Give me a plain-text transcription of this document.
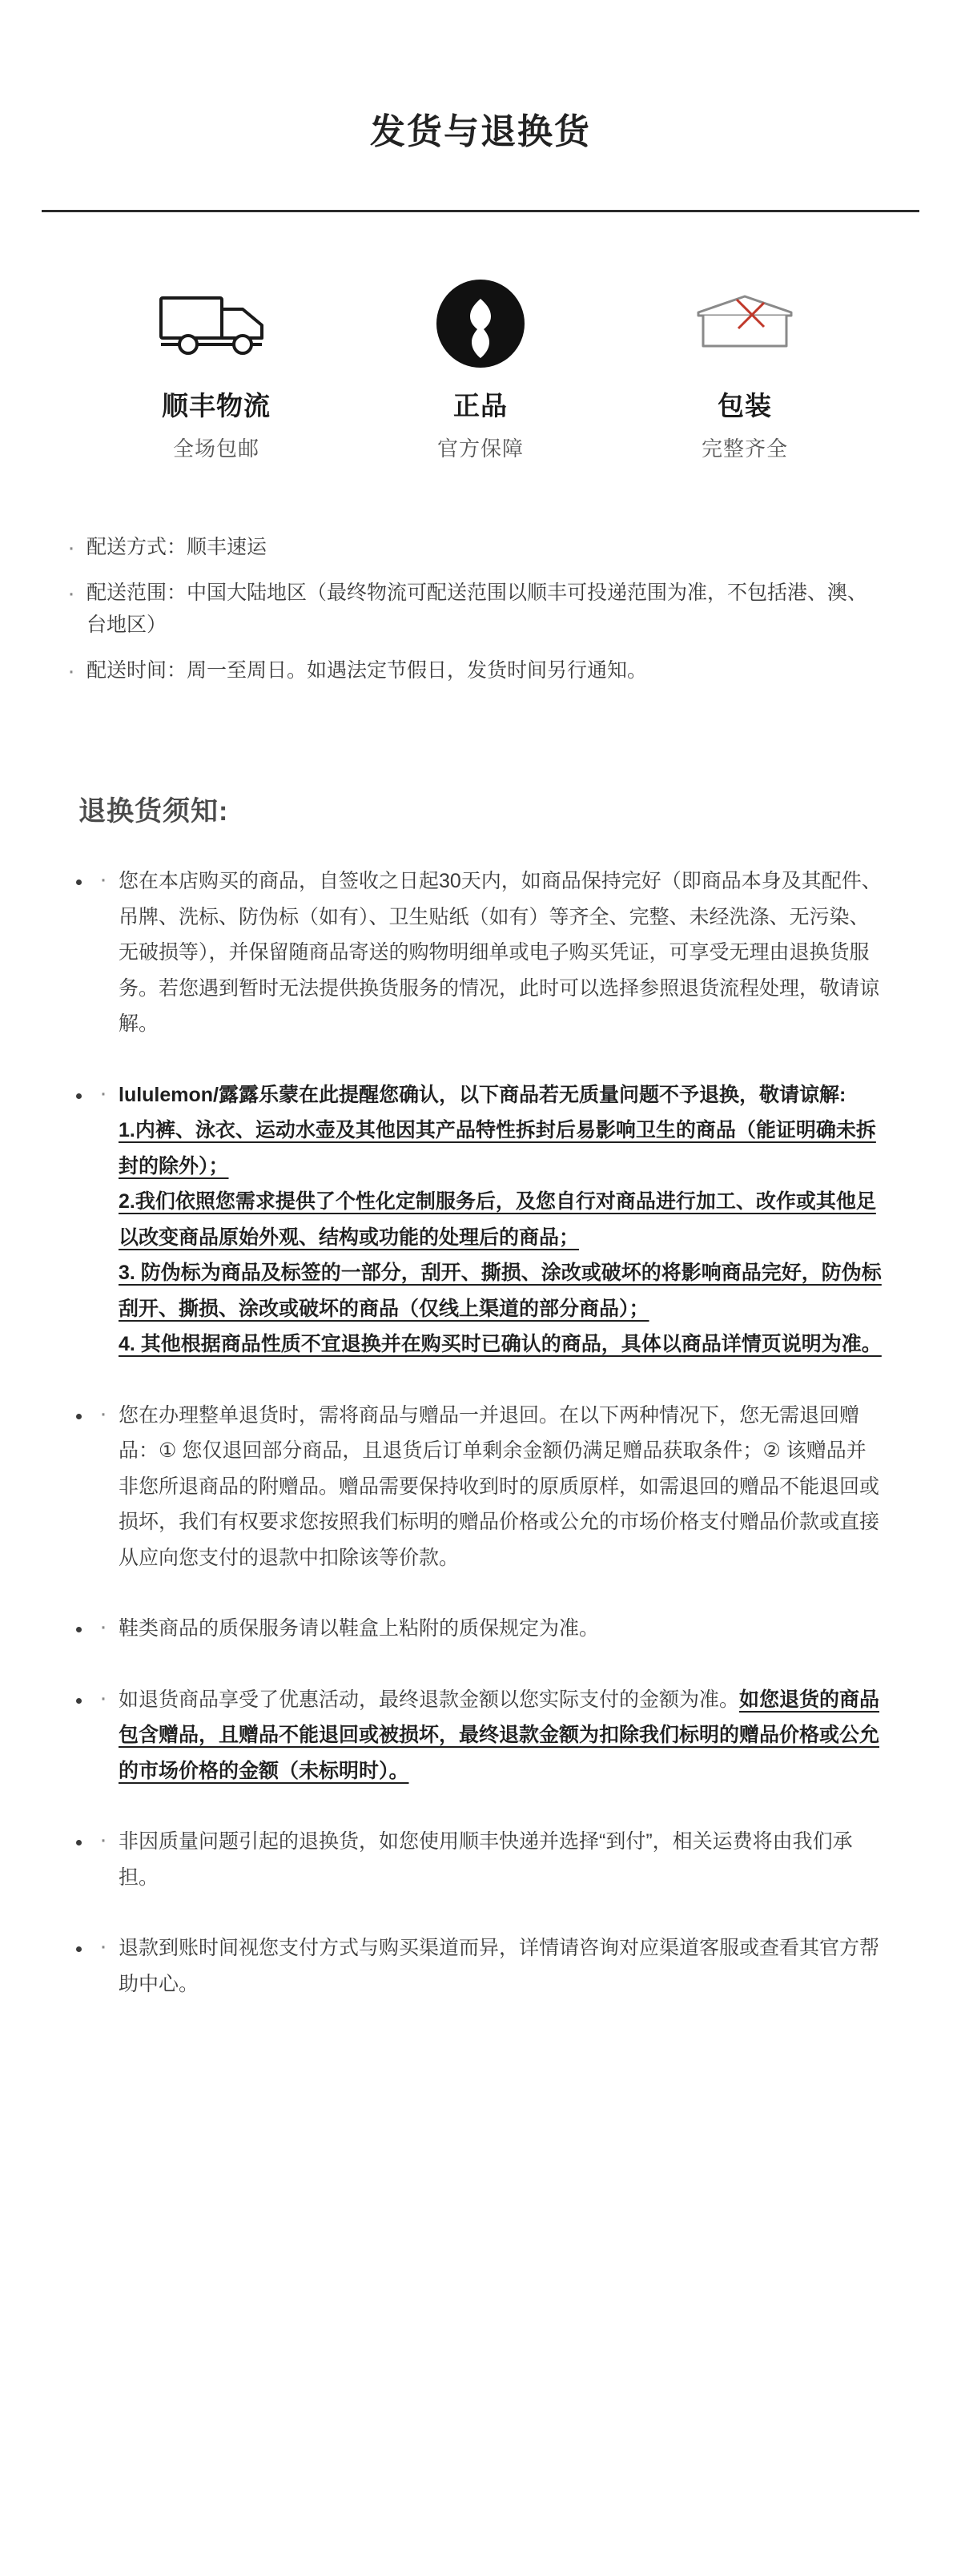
发货与退换货
顺丰物流
全场包邮
正品
官方保障
包装
完整齐全
· 配送方式：顺丰速运
· 配送范围：中国大陆地区（最终物流可配送范围以顺丰可投递范围为准，不包括港、澳、台地区）
· 配送时间：周一至周日。如遇法定节假日，发货时间另行通知。
退换货须知:
· • 您在本店购买的商品，自签收之日起30天内，如商品保持完好（即商品本身及其配件、吊牌、洗标、防伪标（如有）、卫生贴纸（如有）等齐全、完整、未经洗涤、无污染、无破损等），并保留随商品寄送的购物明细单或电子购买凭证，可享受无理由退换货服务。若您遇到暂时无法提供换货服务的情况，此时可以选择参照退货流程处理，敬请谅解。
· • lululemon/露露乐蒙在此提醒您确认，以下商品若无质量问题不予退换，敬请谅解:
1.内裤、泳衣、运动水壶及其他因其产品特性拆封后易影响卫生的商品（能证明确未拆封的除外）；
2.我们依照您需求提供了个性化定制服务后，及您自行对商品进行加工、改作或其他足以改变商品原始外观、结构或功能的处理后的商品；
3. 防伪标为商品及标签的一部分，刮开、撕损、涂改或破坏的将影响商品完好，防伪标刮开、撕损、涂改或破坏的商品（仅线上渠道的部分商品）；
4. 其他根据商品性质不宜退换并在购买时已确认的商品，具体以商品详情页说明为准。
· • 您在办理整单退货时，需将商品与赠品一并退回。在以下两种情况下，您无需退回赠品：① 您仅退回部分商品，且退货后订单剩余金额仍满足赠品获取条件；② 该赠品并非您所退商品的附赠品。赠品需要保持收到时的原质原样，如需退回的赠品不能退回或损坏，我们有权要求您按照我们标明的赠品价格或公允的市场价格支付赠品价款或直接从应向您支付的退款中扣除该等价款。
· • 鞋类商品的质保服务请以鞋盒上粘附的质保规定为准。
· • 如退货商品享受了优惠活动，最终退款金额以您实际支付的金额为准。如您退货的商品包含赠品，且赠品不能退回或被损坏，最终退款金额为扣除我们标明的赠品价格或公允的市场价格的金额（未标明时）。
· • 非因质量问题引起的退换货，如您使用顺丰快递并选择“到付”，相关运费将由我们承担。
· • 退款到账时间视您支付方式与购买渠道而异，详情请咨询对应渠道客服或查看其官方帮助中心。
